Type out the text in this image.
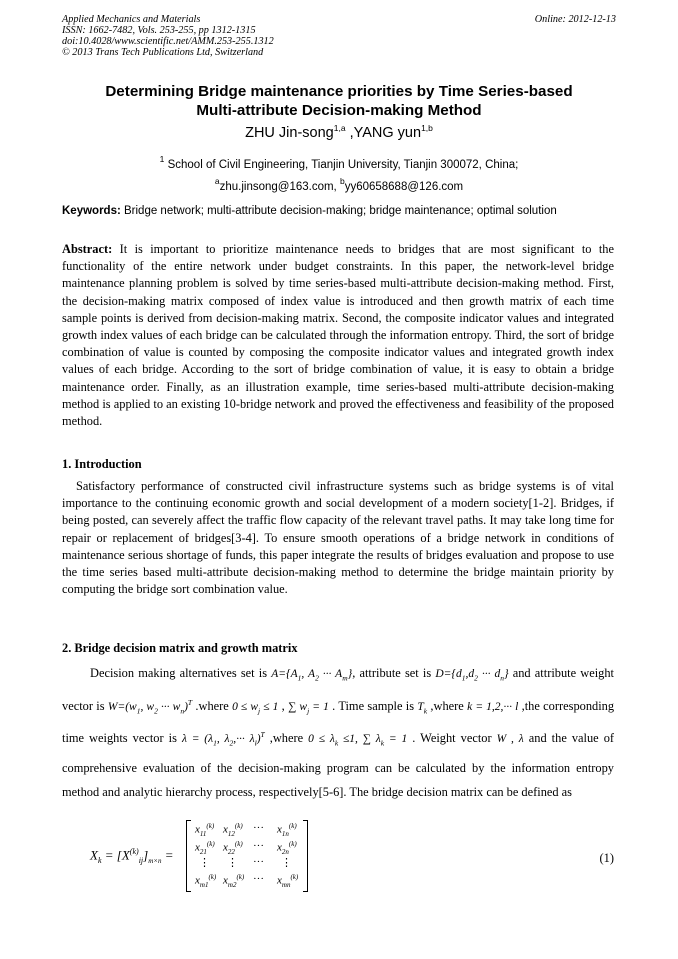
Applied Mechanics and Materials
ISSN: 1662-7482, Vols. 253-255, pp 1312-1315
doi:10.4028/www.scientific.net/AMM.253-255.1312
© 2013 Trans Tech Publications Ltd, Switzerland
Online: 2012-12-13
Determining Bridge maintenance priorities by Time Series-based
Multi-attribute Decision-making Method
ZHU Jin-song$^{1,a}$ ,YANG yun$^{1,b}$
$^1$ School of Civil Engineering, Tianjin University, Tianjin 300072, China;
$^a$zhu.jinsong@163.com, $^b$yy60658688@126.com
Keywords: Bridge network; multi-attribute decision-making; bridge maintenance; optimal solution
Abstract: It is important to prioritize maintenance needs to bridges that are most significant to the functionality of the entire network under budget constraints. In this paper, the network-level bridge maintenance planning problem is solved by time series-based multi-attribute decision-making method. First, the decision-making matrix composed of index value is introduced and then growth matrix of each time sample points is derived from decision-making matrix. Second, the composite indicator values and integrated growth index values of each bridge can be calculated through the information entropy. Third, the sort of bridge combination of value is counted by composing the composite indicator values and integrated growth index values of each bridge. According to the sort of bridge combination of value, it is easy to obtain a bridge maintenance order. Finally, as an illustration example, time series-based multi-attribute decision-making method is applied to an existing 10-bridge network and proved the effectiveness and feasibility of the proposed method.
1. Introduction
Satisfactory performance of constructed civil infrastructure systems such as bridge systems is of vital importance to the continuing economic growth and social development of a modern society[1-2]. Bridges, if being posted, can severely affect the traffic flow capacity of the relevant travel paths. It may take long time for repair or replacement of bridges[3-4]. To ensure smooth operations of a bridge network in conditions of maintenance serious shortage of funds, this paper integrate the results of bridges evaluation and propose to use the time series based multi-attribute decision-making method to determine the bridge maintain priority by computing the bridge sort combination value.
2. Bridge decision matrix and growth matrix
Decision making alternatives set is $A=\{A_1$, $A_2$ ··· $A_m$}, attribute set is $D=\{d_1,d_2$ ··· $d_n$} and attribute weight vector is $W=(w_1$, $w_2$ ··· $w_n)^T$ .where $0 \le w_j \le 1$ , ∑ $w_j = 1$ . Time sample is $T_k$ ,where k = 1,2,··· l ,the corresponding time weights vector is $\lambda = (\lambda_1$, $\lambda_2,\cdot\cdot\cdot \lambda_l)^T$ ,where $0 \le \lambda_k \le 1$, ∑ $\lambda_k = 1$ . Weight vector W , λ and the value of comprehensive evaluation of the decision-making program can be calculated by the information entropy method and analytic hierarchy process, respectively[5-6]. The bridge decision matrix can be defined as
$X_k = [X^{(k)}_{ij}]_{m\times n}$ =
$x_{11}^{(k)}$ $x_{12}^{(k)}$ ··· $x_{1n}^{(k)}$
$x_{21}^{(k)}$ $x_{22}^{(k)}$ ··· $x_{2n}^{(k)}$
⋮ ⋮ ··· ⋮
$x_{m1}^{(k)}$ $x_{m2}^{(k)}$ ··· $x_{mn}^{(k)}$
(1)
